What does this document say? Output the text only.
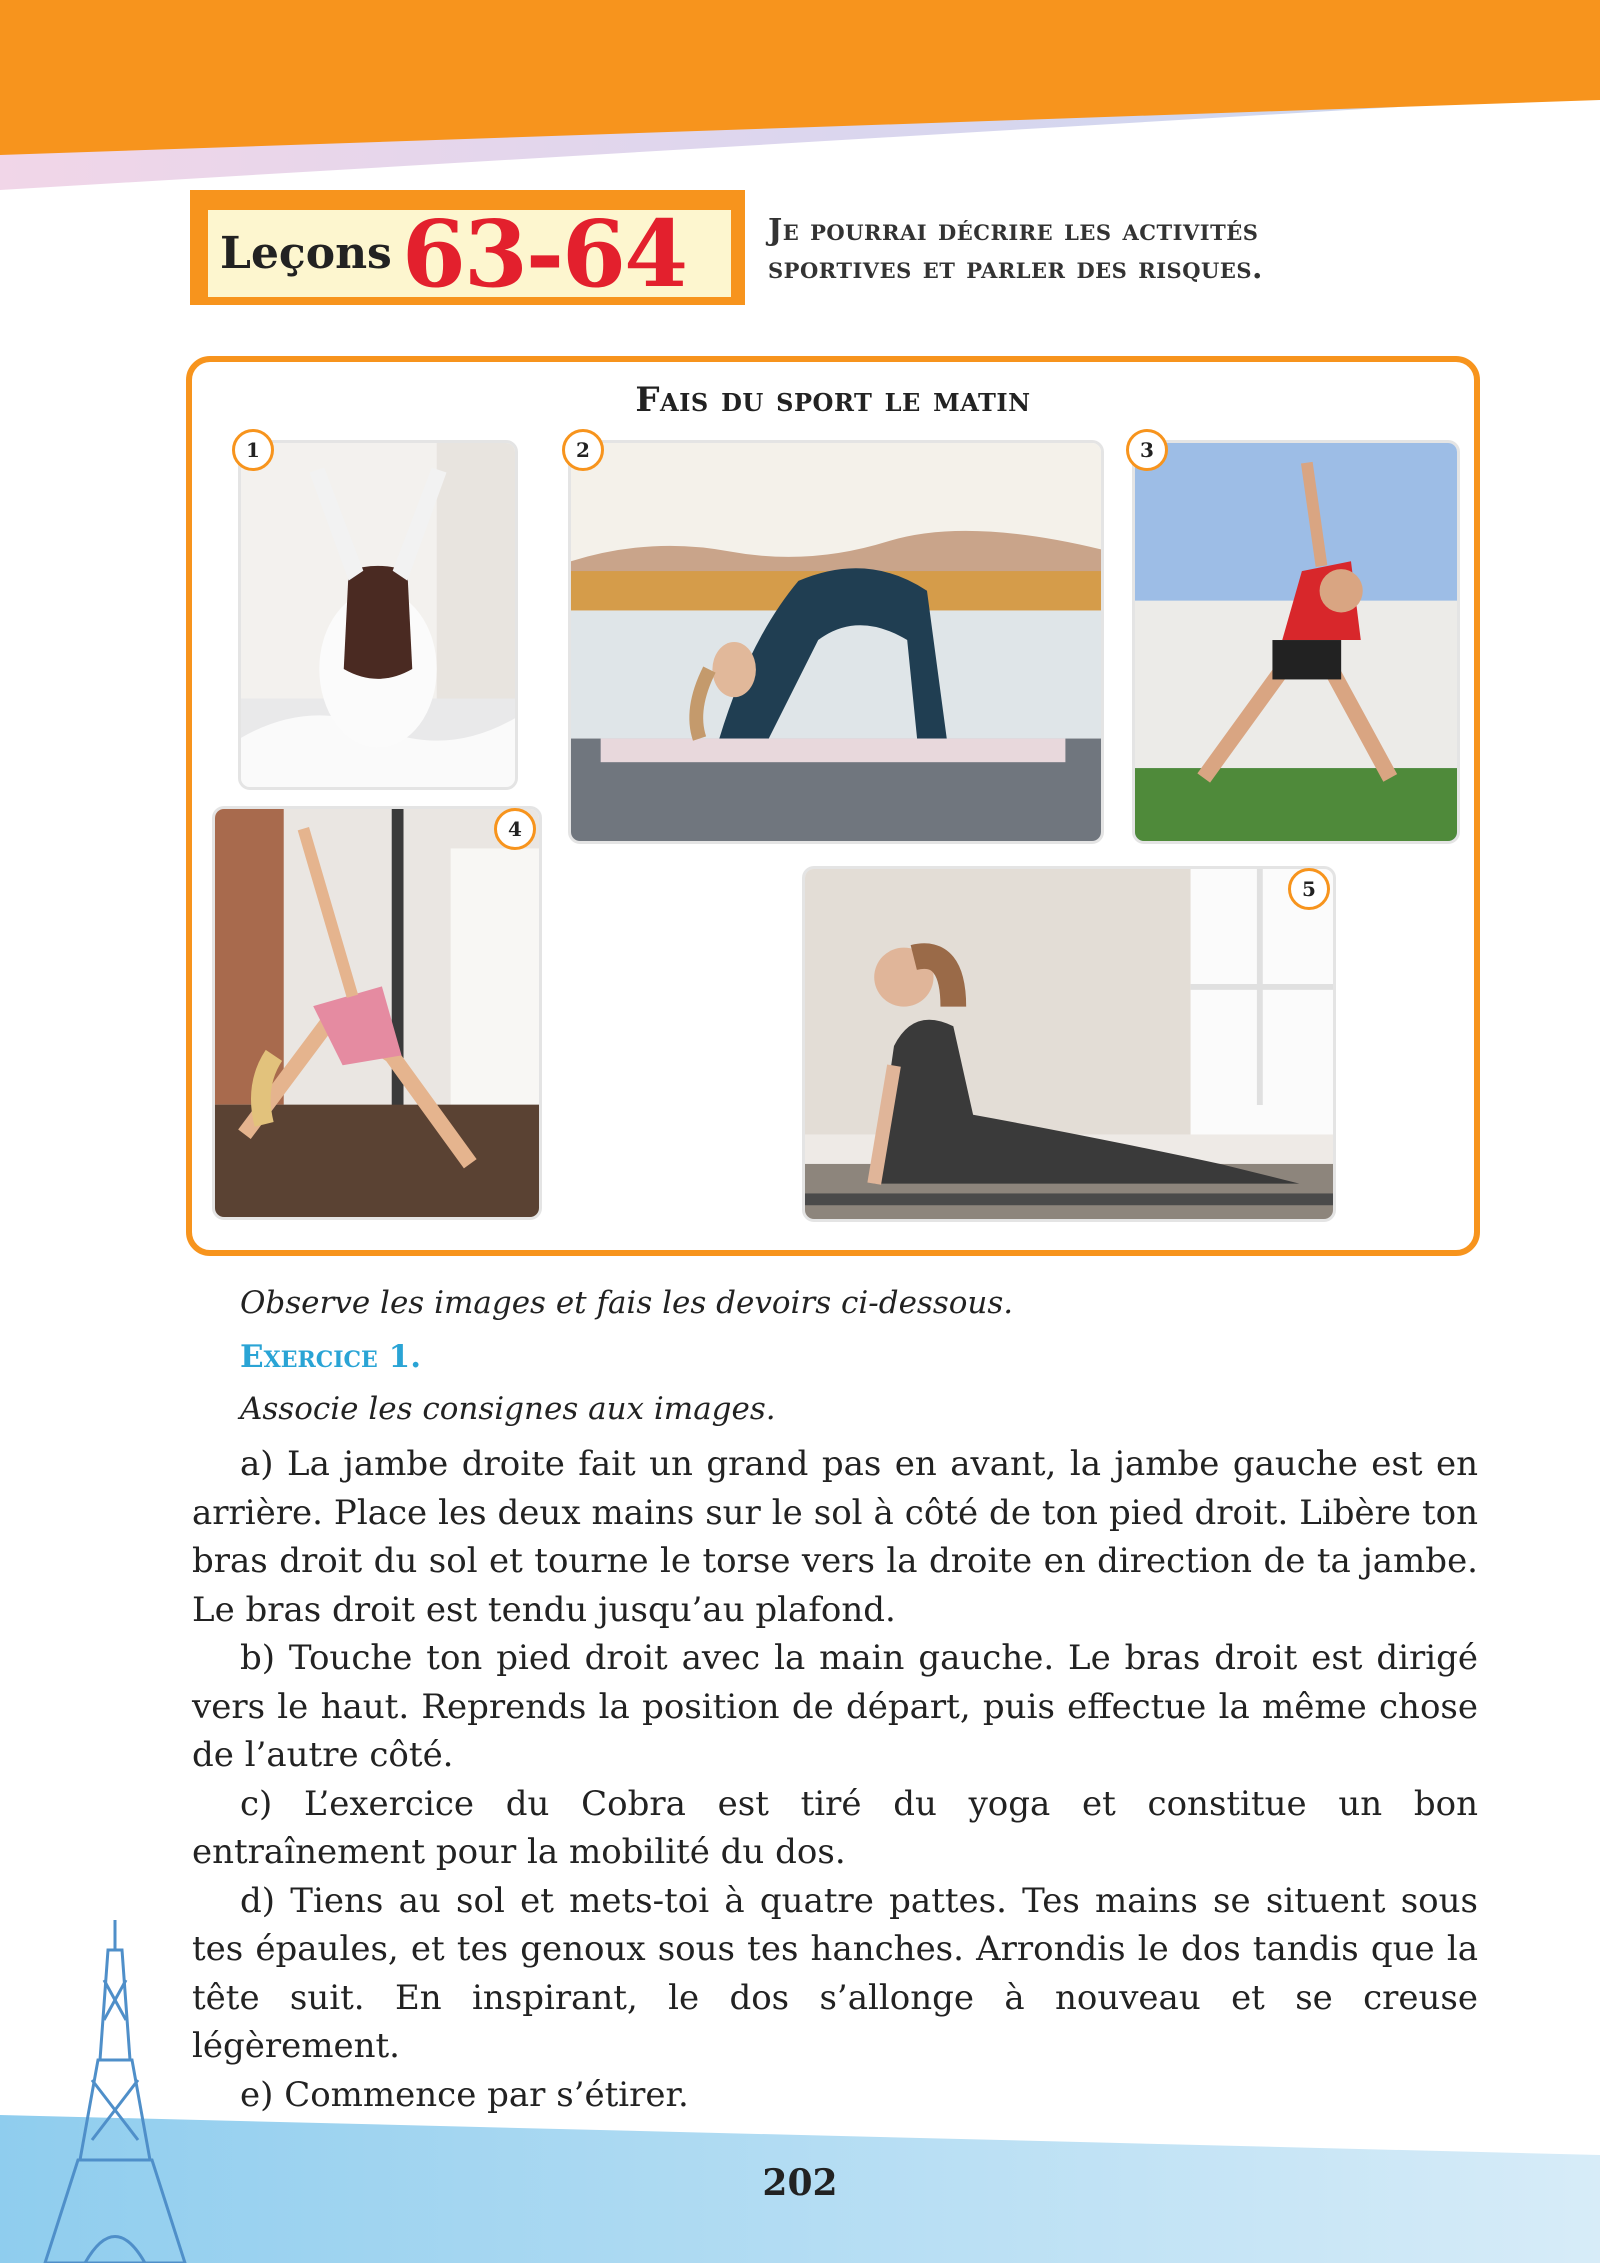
Leçons 63-64	Je pourrai décrire les activités
sportives et parler des risques.
Fais du sport le matin
1	2	3
4
5

Observe les images et fais les devoirs ci-dessous.

Exercice 1.

Associe les consignes aux images.

a) La jambe droite fait un grand pas en avant, la jambe gauche est en arrière. Place les deux mains sur le sol à côté de ton pied droit. Libère ton bras droit du sol et tourne le torse vers la droite en direction de ta jambe. Le bras droit est tendu jusqu’au plafond.

b) Touche ton pied droit avec la main gauche. Le bras droit est dirigé vers le haut. Reprends la position de départ, puis effectue la même chose de l’autre côté.

c) L’exercice du Cobra est tiré du yoga et constitue un bon entraînement pour la mobilité du dos.

d) Tiens au sol et mets-toi à quatre pattes. Tes mains se situent sous tes épaules, et tes genoux sous tes hanches. Arrondis le dos tandis que la tête suit. En inspirant, le dos s’allonge à nouveau et se creuse légèrement.

e) Commence par s’étirer.

202
